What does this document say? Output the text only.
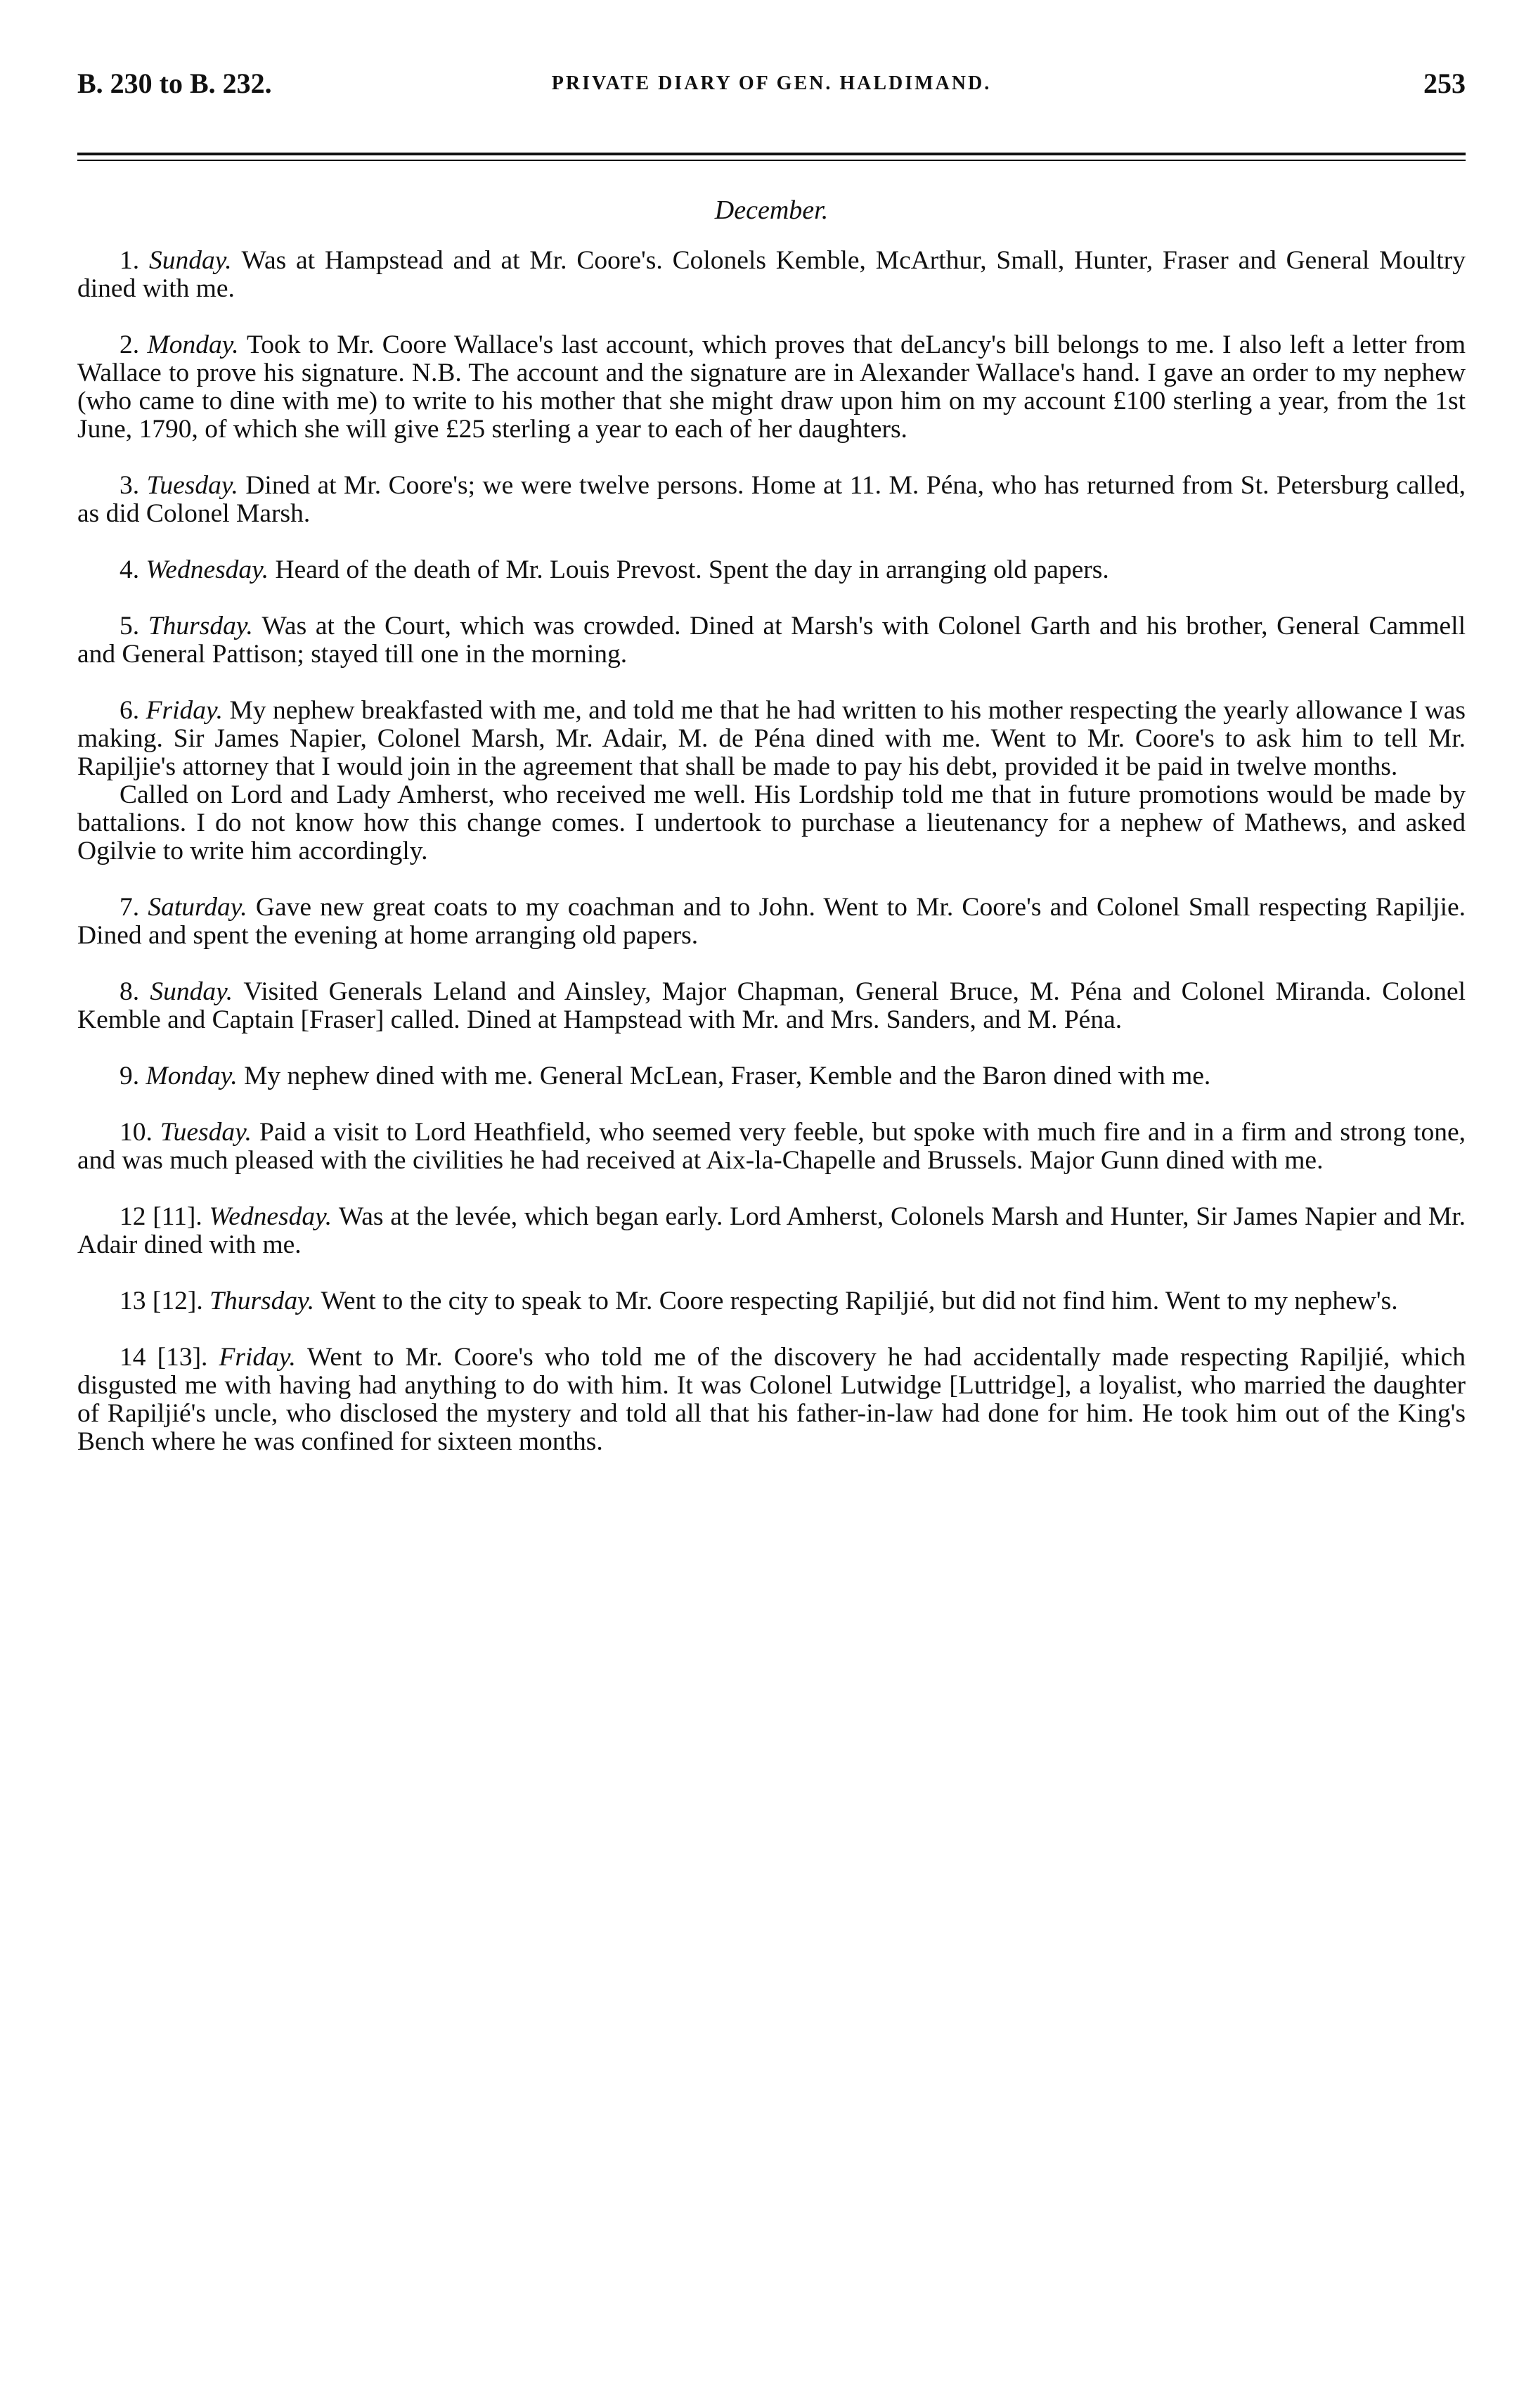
B. 230 to B. 232.	PRIVATE DIARY OF GEN. HALDIMAND.	253
December.

1. Sunday. Was at Hampstead and at Mr. Coore's. Colonels Kemble, McArthur, Small, Hunter, Fraser and General Moultry dined with me.

2. Monday. Took to Mr. Coore Wallace's last account, which proves that deLancy's bill belongs to me. I also left a letter from Wallace to prove his signature. N.B. The account and the signature are in Alexander Wallace's hand. I gave an order to my nephew (who came to dine with me) to write to his mother that she might draw upon him on my account £100 sterling a year, from the 1st June, 1790, of which she will give £25 sterling a year to each of her daughters.

3. Tuesday. Dined at Mr. Coore's; we were twelve persons. Home at 11. M. Péna, who has returned from St. Petersburg called, as did Colonel Marsh.

4. Wednesday. Heard of the death of Mr. Louis Prevost. Spent the day in arranging old papers.

5. Thursday. Was at the Court, which was crowded. Dined at Marsh's with Colonel Garth and his brother, General Cammell and General Pattison; stayed till one in the morning.

6. Friday. My nephew breakfasted with me, and told me that he had written to his mother respecting the yearly allowance I was making. Sir James Napier, Colonel Marsh, Mr. Adair, M. de Péna dined with me. Went to Mr. Coore's to ask him to tell Mr. Rapiljie's attorney that I would join in the agreement that shall be made to pay his debt, provided it be paid in twelve months.

Called on Lord and Lady Amherst, who received me well. His Lordship told me that in future promotions would be made by battalions. I do not know how this change comes. I undertook to purchase a lieutenancy for a nephew of Mathews, and asked Ogilvie to write him accordingly.

7. Saturday. Gave new great coats to my coachman and to John. Went to Mr. Coore's and Colonel Small respecting Rapiljie. Dined and spent the evening at home arranging old papers.

8. Sunday. Visited Generals Leland and Ainsley, Major Chapman, General Bruce, M. Péna and Colonel Miranda. Colonel Kemble and Captain [Fraser] called. Dined at Hampstead with Mr. and Mrs. Sanders, and M. Péna.

9. Monday. My nephew dined with me. General McLean, Fraser, Kemble and the Baron dined with me.

10. Tuesday. Paid a visit to Lord Heathfield, who seemed very feeble, but spoke with much fire and in a firm and strong tone, and was much pleased with the civilities he had received at Aix-la-Chapelle and Brussels. Major Gunn dined with me.

12 [11]. Wednesday. Was at the levée, which began early. Lord Amherst, Colonels Marsh and Hunter, Sir James Napier and Mr. Adair dined with me.

13 [12]. Thursday. Went to the city to speak to Mr. Coore respecting Rapiljié, but did not find him. Went to my nephew's.

14 [13]. Friday. Went to Mr. Coore's who told me of the discovery he had accidentally made respecting Rapiljié, which disgusted me with having had anything to do with him. It was Colonel Lutwidge [Luttridge], a loyalist, who married the daughter of Rapiljié's uncle, who disclosed the mystery and told all that his father-in-law had done for him. He took him out of the King's Bench where he was confined for sixteen months.
